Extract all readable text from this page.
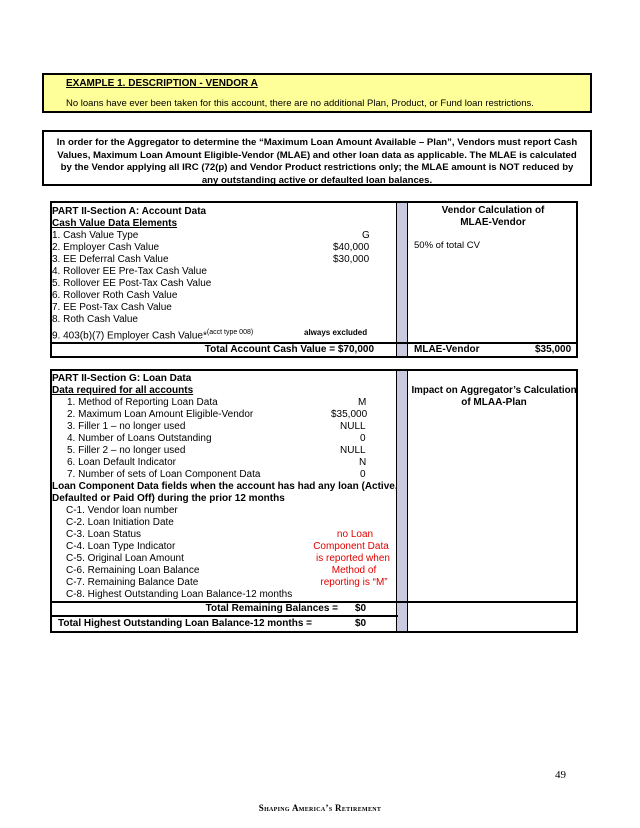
EXAMPLE 1. DESCRIPTION - VENDOR A
No loans have ever been taken for this account, there are no additional Plan, Product, or Fund loan restrictions.
In order for the Aggregator to determine the “Maximum Loan Amount Available – Plan”, Vendors must report Cash Values, Maximum Loan Amount Eligible-Vendor (MLAE) and other loan data as applicable. The MLAE is calculated by the Vendor applying all IRC (72(p) and Vendor Product restrictions only; the MLAE amount is NOT reduced by any outstanding active or defaulted loan balances.
PART II-Section A: Account Data
Cash Value Data Elements
1. Cash Value Type	G
2. Employer Cash Value	$40,000
3. EE Deferral Cash Value	$30,000
4. Rollover EE Pre-Tax Cash Value
5. Rollover EE Post-Tax Cash Value
6. Rollover Roth Cash Value
7. EE Post-Tax Cash Value
8. Roth Cash Value
9. 403(b)(7) Employer Cash Value*$^{(acct type 008)}$	always excluded
Total Account Cash Value = $70,000
Vendor Calculation of
MLAE-Vendor
50% of total CV
MLAE-Vendor	$35,000
PART II-Section G: Loan Data
Data required for all accounts
1. Method of Reporting Loan Data	M
2. Maximum Loan Amount Eligible-Vendor	$35,000
3. Filler 1 – no longer used	NULL
4. Number of Loans Outstanding	0
5. Filler 2 – no longer used	NULL
6. Loan Default Indicator	N
7. Number of sets of Loan Component Data	0
Loan Component Data fields when the account has had any loan (Active,
Defaulted or Paid Off) during the prior 12 months
C-1. Vendor loan number
C-2. Loan Initiation Date
C-3. Loan Status
C-4. Loan Type Indicator
C-5. Original Loan Amount
C-6. Remaining Loan Balance
C-7. Remaining Balance Date
C-8. Highest Outstanding Loan Balance-12 months
no Loan
Component Data
is reported when
Method of
reporting is “M”
Total Remaining Balances = $0
Total Highest Outstanding Loan Balance-12 months =	$0
Impact on Aggregator’s Calculation
of MLAA-Plan
49
Shaping America’s Retirement
